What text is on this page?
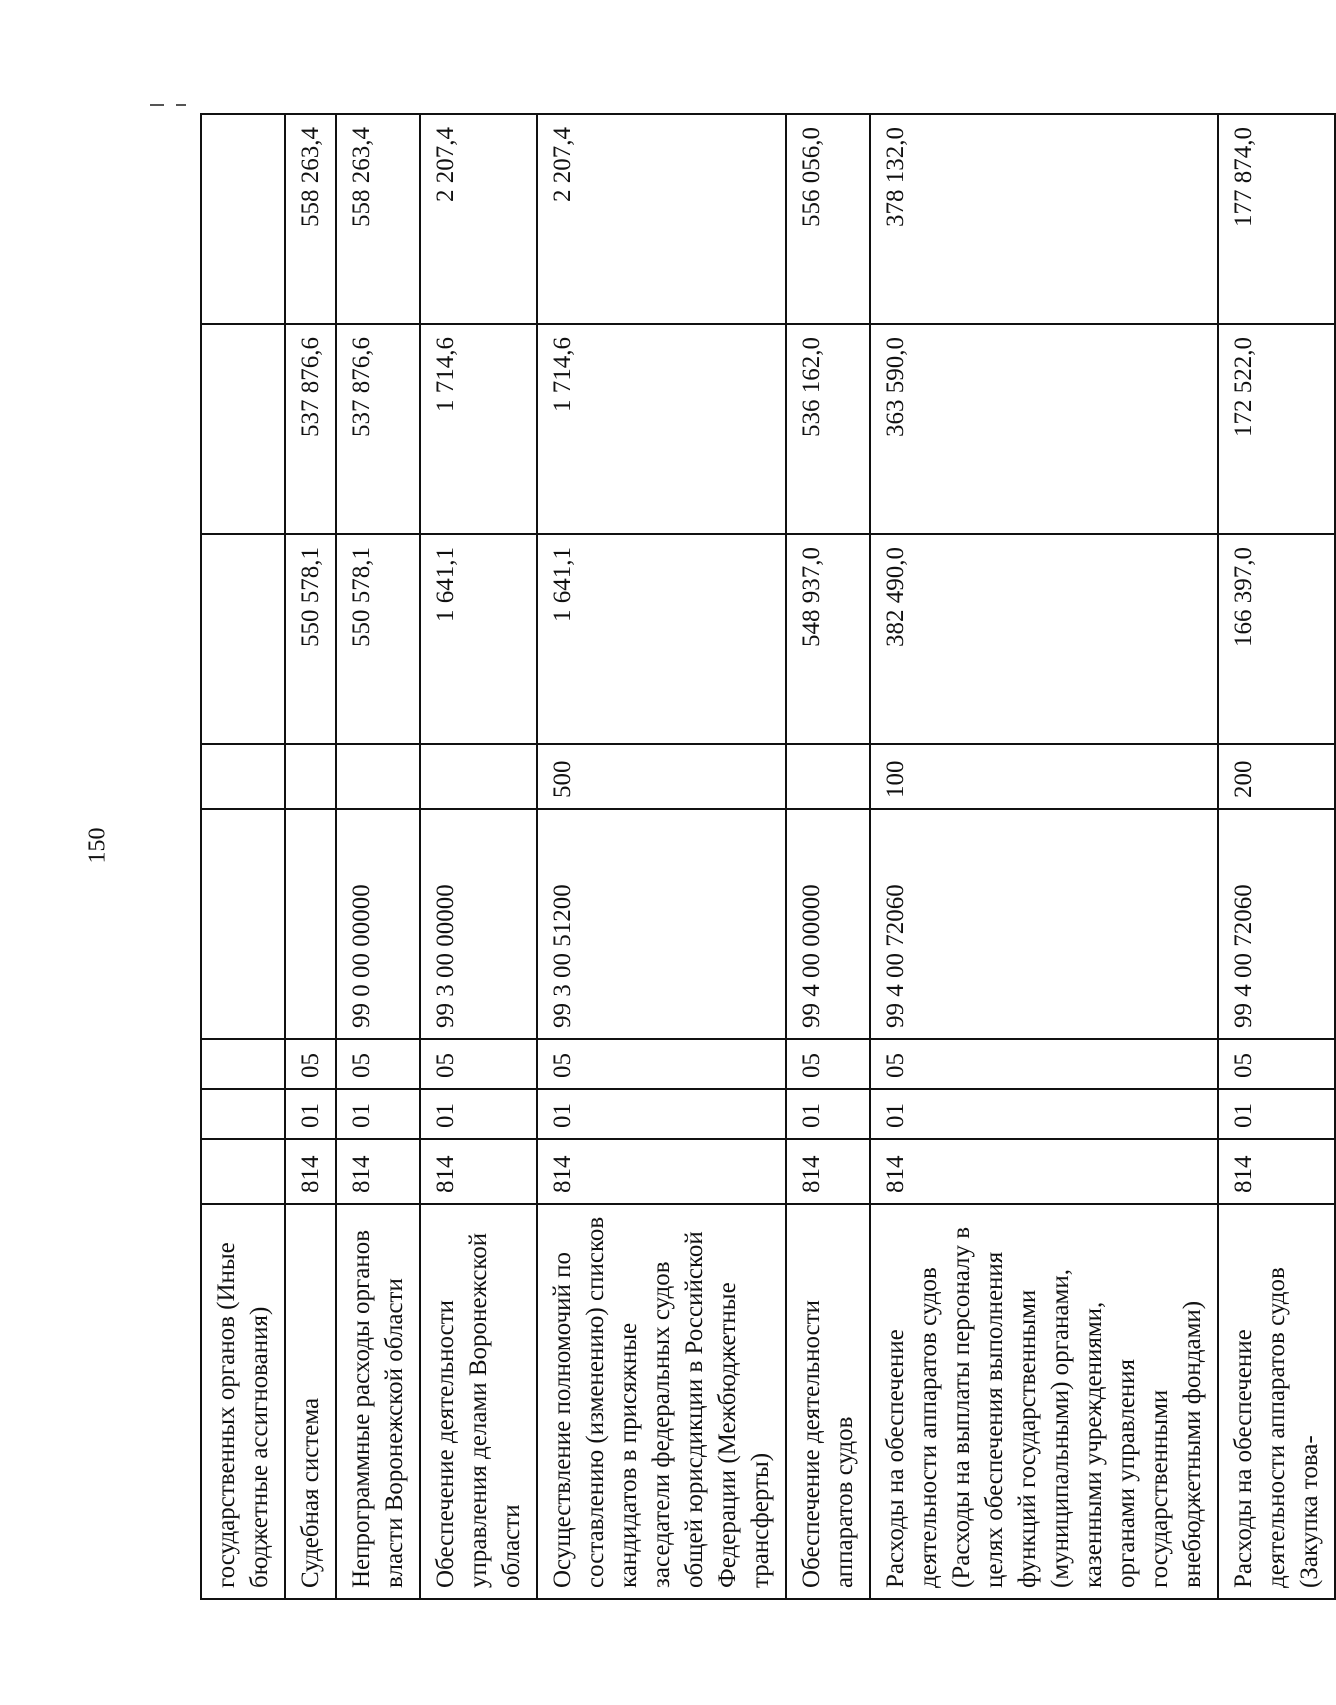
150
государственных органов (Иные бюджетные ассигнования)								
Судебная система	814	01	05			550 578,1	537 876,6	558 263,4
Непрограммные расходы органов власти Воронежской области	814	01	05	99 0 00 00000		550 578,1	537 876,6	558 263,4
Обеспечение деятельности управления делами Воронежской области	814	01	05	99 3 00 00000		1 641,1	1 714,6	2 207,4
Осуществление полномочий по составлению (изменению) списков кандидатов в присяжные заседатели федеральных судов общей юрисдикции в Российской Федерации (Межбюджетные трансферты)	814	01	05	99 3 00 51200	500	1 641,1	1 714,6	2 207,4
Обеспечение деятельности аппаратов судов	814	01	05	99 4 00 00000		548 937,0	536 162,0	556 056,0
Расходы на обеспечение деятельности аппаратов судов (Расходы на выплаты персоналу в целях обеспечения выполнения функций государственными (муниципальными) органами, казенными учреждениями, органами управления государственными внебюджетными фондами)	814	01	05	99 4 00 72060	100	382 490,0	363 590,0	378 132,0
Расходы на обеспечение деятельности аппаратов судов (Закупка това-	814	01	05	99 4 00 72060	200	166 397,0	172 522,0	177 874,0
